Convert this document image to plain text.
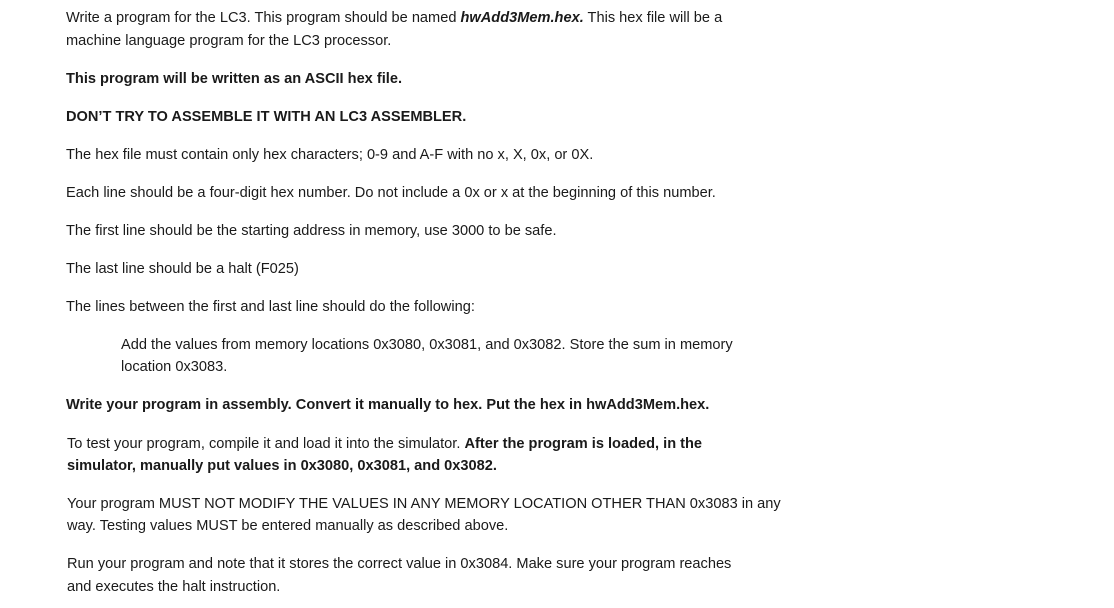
Write a program for the LC3. This program should be named hwAdd3Mem.hex. This hex file will be a

machine language program for the LC3 processor.

This program will be written as an ASCII hex file.

DON’T TRY TO ASSEMBLE IT WITH AN LC3 ASSEMBLER.

The hex file must contain only hex characters; 0-9 and A-F with no x, X, 0x, or 0X.

Each line should be a four-digit hex number. Do not include a 0x or x at the beginning of this number.

The first line should be the starting address in memory, use 3000 to be safe.

The last line should be a halt (F025)

The lines between the first and last line should do the following:

Add the values from memory locations 0x3080, 0x3081, and 0x3082. Store the sum in memory

location 0x3083.

Write your program in assembly. Convert it manually to hex. Put the hex in hwAdd3Mem.hex.

To test your program, compile it and load it into the simulator. After the program is loaded, in the

simulator, manually put values in 0x3080, 0x3081, and 0x3082.

Your program MUST NOT MODIFY THE VALUES IN ANY MEMORY LOCATION OTHER THAN 0x3083 in any

way. Testing values MUST be entered manually as described above.

Run your program and note that it stores the correct value in 0x3084. Make sure your program reaches

and executes the halt instruction.
